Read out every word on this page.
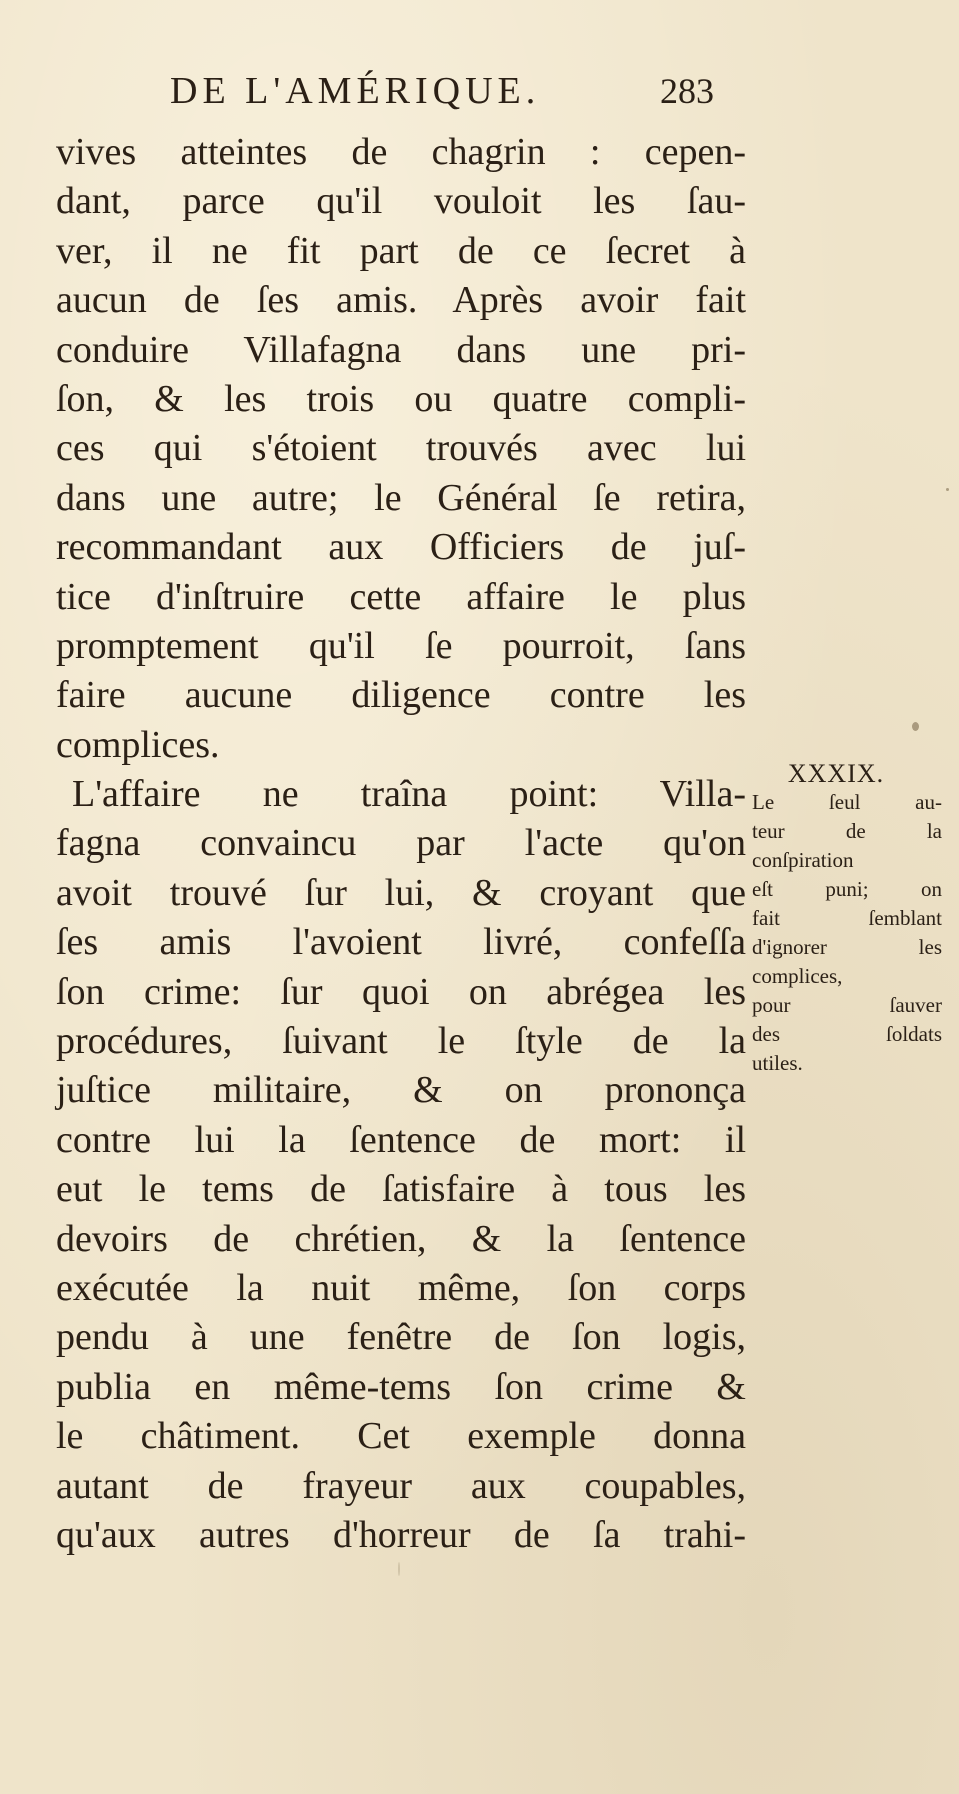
DE L'AMÉRIQUE.	283
vives atteintes de chagrin : cepen-
dant, parce qu'il vouloit les ſau-
ver, il ne fit part de ce ſecret à
aucun de ſes amis. Après avoir fait
conduire Villafagna dans une pri-
ſon, & les trois ou quatre compli-
ces qui s'étoient trouvés avec lui
dans une autre; le Général ſe retira,
recommandant aux Officiers de juſ-
tice d'inſtruire cette affaire le plus
promptement qu'il ſe pourroit, ſans
faire aucune diligence contre les
complices.
L'affaire ne traîna point: Villa-
fagna convaincu par l'acte qu'on
avoit trouvé ſur lui, & croyant que
ſes amis l'avoient livré, confeſſa
ſon crime: ſur quoi on abrégea les
procédures, ſuivant le ſtyle de la
juſtice militaire, & on prononça
contre lui la ſentence de mort: il
eut le tems de ſatisfaire à tous les
devoirs de chrétien, & la ſentence
exécutée la nuit même, ſon corps
pendu à une fenêtre de ſon logis,
publia en même-tems ſon crime &
le châtiment. Cet exemple donna
autant de frayeur aux coupables,
qu'aux autres d'horreur de ſa trahi-
XXXIX.
Le ſeul au-
teur de la
conſpiration
eſt puni; on
fait ſemblant
d'ignorer les
complices,
pour ſauver
des ſoldats
utiles.
